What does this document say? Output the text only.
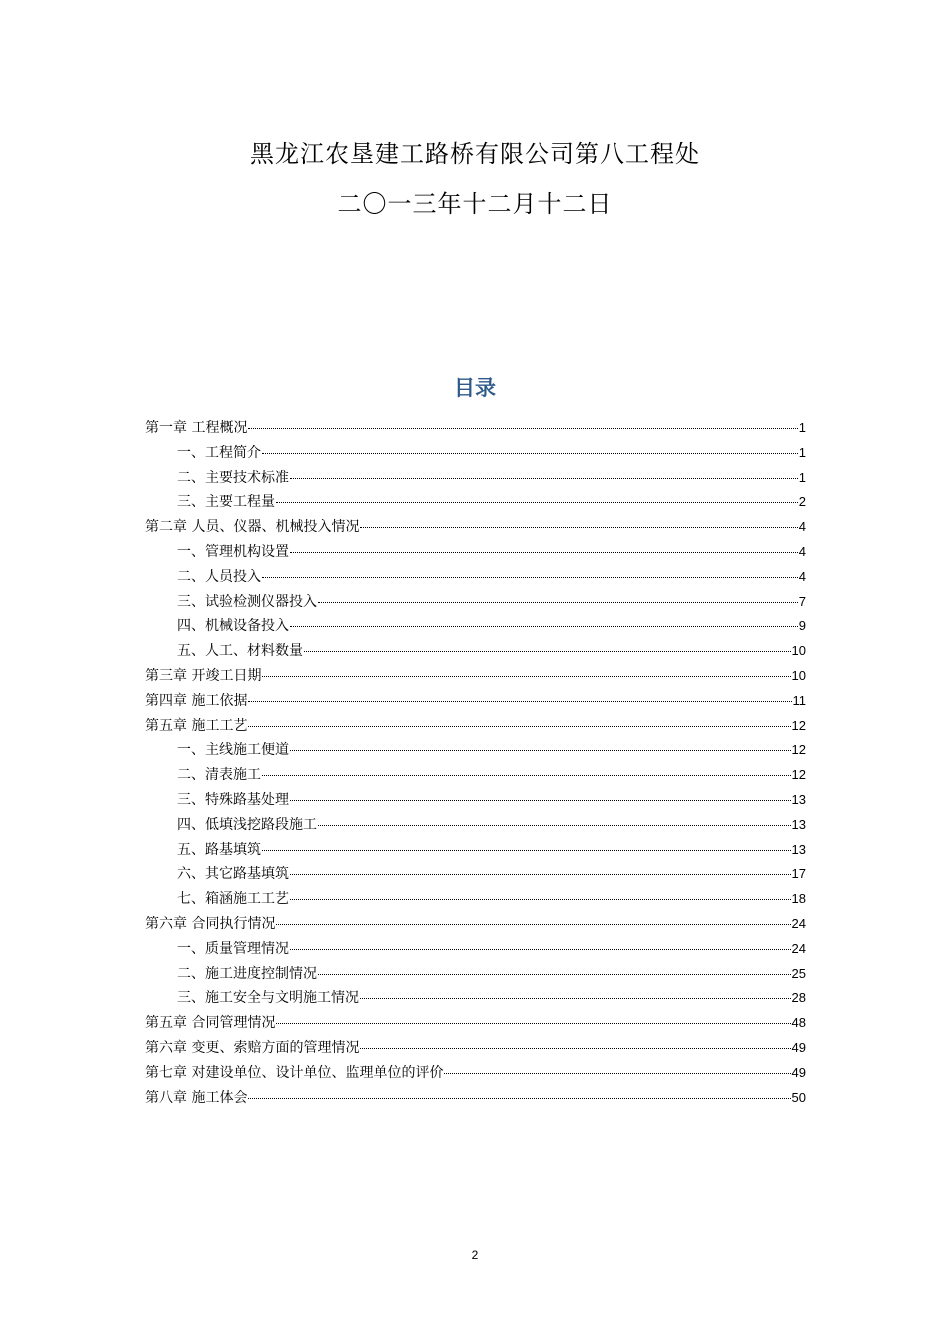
黑龙江农垦建工路桥有限公司第八工程处
二〇一三年十二月十二日
目录
第一章 工程概况	1
一、工程简介	1
二、主要技术标准	1
三、主要工程量	2
第二章 人员、仪器、机械投入情况	4
一、管理机构设置	4
二、人员投入	4
三、试验检测仪器投入	7
四、机械设备投入	9
五、人工、材料数量	10
第三章 开竣工日期	10
第四章 施工依据	11
第五章 施工工艺	12
一、主线施工便道	12
二、清表施工	12
三、特殊路基处理	13
四、低填浅挖路段施工	13
五、路基填筑	13
六、其它路基填筑	17
七、箱涵施工工艺	18
第六章 合同执行情况	24
一、质量管理情况	24
二、施工进度控制情况	25
三、施工安全与文明施工情况	28
第五章 合同管理情况	48
第六章 变更、索赔方面的管理情况	49
第七章 对建设单位、设计单位、监理单位的评价	49
第八章 施工体会	50
2
